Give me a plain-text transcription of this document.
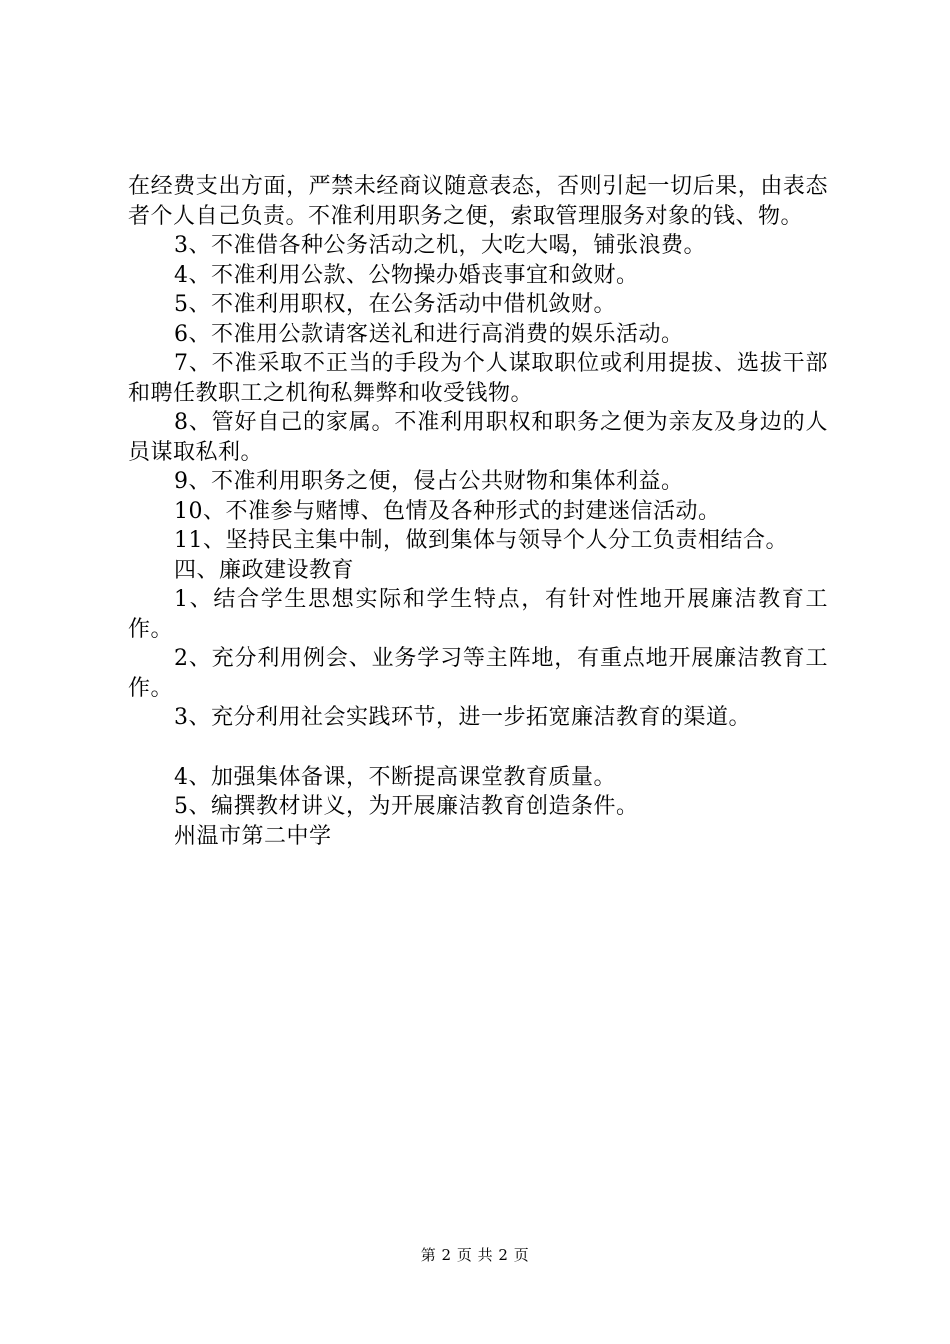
在经费支出方面，严禁未经商议随意表态，否则引起一切后果，由表态者个人自己负责。不准利用职务之便，索取管理服务对象的钱、物。

3、不准借各种公务活动之机，大吃大喝，铺张浪费。

4、不准利用公款、公物操办婚丧事宜和敛财。

5、不准利用职权，在公务活动中借机敛财。

6、不准用公款请客送礼和进行高消费的娱乐活动。

7、不准采取不正当的手段为个人谋取职位或利用提拔、选拔干部和聘任教职工之机徇私舞弊和收受钱物。

8、管好自己的家属。不准利用职权和职务之便为亲友及身边的人员谋取私利。

9、不准利用职务之便，侵占公共财物和集体利益。

10、不准参与赌博、色情及各种形式的封建迷信活动。

11、坚持民主集中制，做到集体与领导个人分工负责相结合。

四、廉政建设教育

1、结合学生思想实际和学生特点，有针对性地开展廉洁教育工作。

2、充分利用例会、业务学习等主阵地，有重点地开展廉洁教育工作。

3、充分利用社会实践环节，进一步拓宽廉洁教育的渠道。

4、加强集体备课，不断提高课堂教育质量。

5、编撰教材讲义，为开展廉洁教育创造条件。

州温市第二中学

第 2 页 共 2 页
